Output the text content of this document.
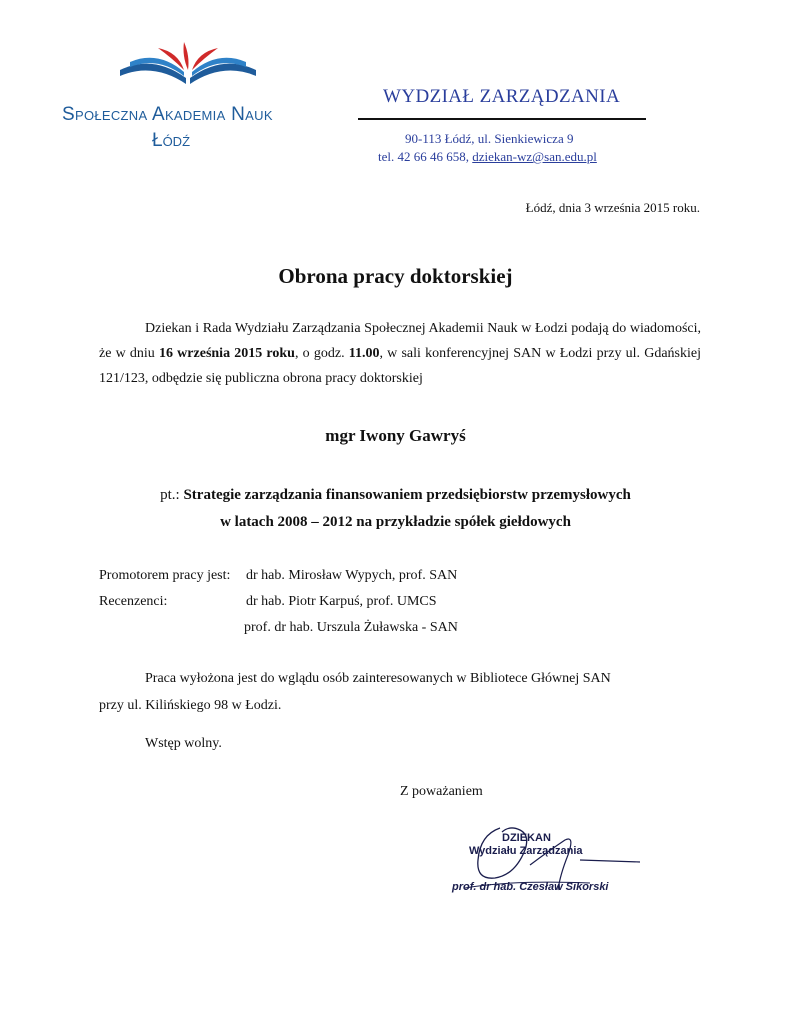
Społeczna Akademia Nauk
Łódź
WYDZIAŁ ZARZĄDZANIA
90-113 Łódź, ul. Sienkiewicza 9
tel. 42 66 46 658, dziekan-wz@san.edu.pl
Łódź, dnia 3 września 2015 roku.
Obrona pracy doktorskiej

Dziekan i Rada Wydziału Zarządzania Społecznej Akademii Nauk w Łodzi podają do wiadomości, że w dniu 16 września 2015 roku, o godz. 11.00, w sali konferencyjnej SAN w Łodzi przy ul. Gdańskiej 121/123, odbędzie się publiczna obrona pracy doktorskiej

mgr Iwony Gawryś
pt.: Strategie zarządzania finansowaniem przedsiębiorstw przemysłowych
w latach 2008 – 2012 na przykładzie spółek giełdowych
Promotorem pracy jest: dr hab. Mirosław Wypych, prof. SAN
Recenzenci:	dr hab. Piotr Karpuś, prof. UMCS
prof. dr hab. Urszula Żuławska - SAN

Praca wyłożona jest do wglądu osób zainteresowanych w Bibliotece Głównej SAN

przy ul. Kilińskiego 98 w Łodzi.

Wstęp wolny.
Z poważaniem
DZIEKAN
Wydziału Zarządzania
prof. dr hab. Czesław Sikorski
